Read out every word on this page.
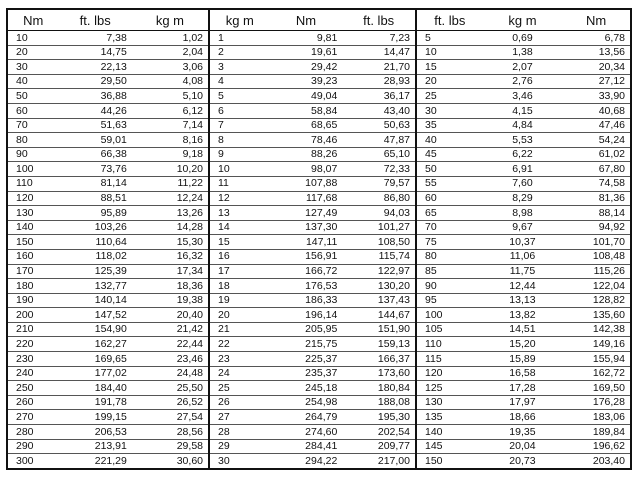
Nm	ft. lbs	kg m
10	7,38	1,02
20	14,75	2,04
30	22,13	3,06
40	29,50	4,08
50	36,88	5,10
60	44,26	6,12
70	51,63	7,14
80	59,01	8,16
90	66,38	9,18
100	73,76	10,20
110	81,14	11,22
120	88,51	12,24
130	95,89	13,26
140	103,26	14,28
150	110,64	15,30
160	118,02	16,32
170	125,39	17,34
180	132,77	18,36
190	140,14	19,38
200	147,52	20,40
210	154,90	21,42
220	162,27	22,44
230	169,65	23,46
240	177,02	24,48
250	184,40	25,50
260	191,78	26,52
270	199,15	27,54
280	206,53	28,56
290	213,91	29,58
300	221,29	30,60
kg m	Nm	ft. lbs
1	9,81	7,23
2	19,61	14,47
3	29,42	21,70
4	39,23	28,93
5	49,04	36,17
6	58,84	43,40
7	68,65	50,63
8	78,46	47,87
9	88,26	65,10
10	98,07	72,33
11	107,88	79,57
12	117,68	86,80
13	127,49	94,03
14	137,30	101,27
15	147,11	108,50
16	156,91	115,74
17	166,72	122,97
18	176,53	130,20
19	186,33	137,43
20	196,14	144,67
21	205,95	151,90
22	215,75	159,13
23	225,37	166,37
24	235,37	173,60
25	245,18	180,84
26	254,98	188,08
27	264,79	195,30
28	274,60	202,54
29	284,41	209,77
30	294,22	217,00
ft. lbs	kg m	Nm
5	0,69	6,78
10	1,38	13,56
15	2,07	20,34
20	2,76	27,12
25	3,46	33,90
30	4,15	40,68
35	4,84	47,46
40	5,53	54,24
45	6,22	61,02
50	6,91	67,80
55	7,60	74,58
60	8,29	81,36
65	8,98	88,14
70	9,67	94,92
75	10,37	101,70
80	11,06	108,48
85	11,75	115,26
90	12,44	122,04
95	13,13	128,82
100	13,82	135,60
105	14,51	142,38
110	15,20	149,16
115	15,89	155,94
120	16,58	162,72
125	17,28	169,50
130	17,97	176,28
135	18,66	183,06
140	19,35	189,84
145	20,04	196,62
150	20,73	203,40
